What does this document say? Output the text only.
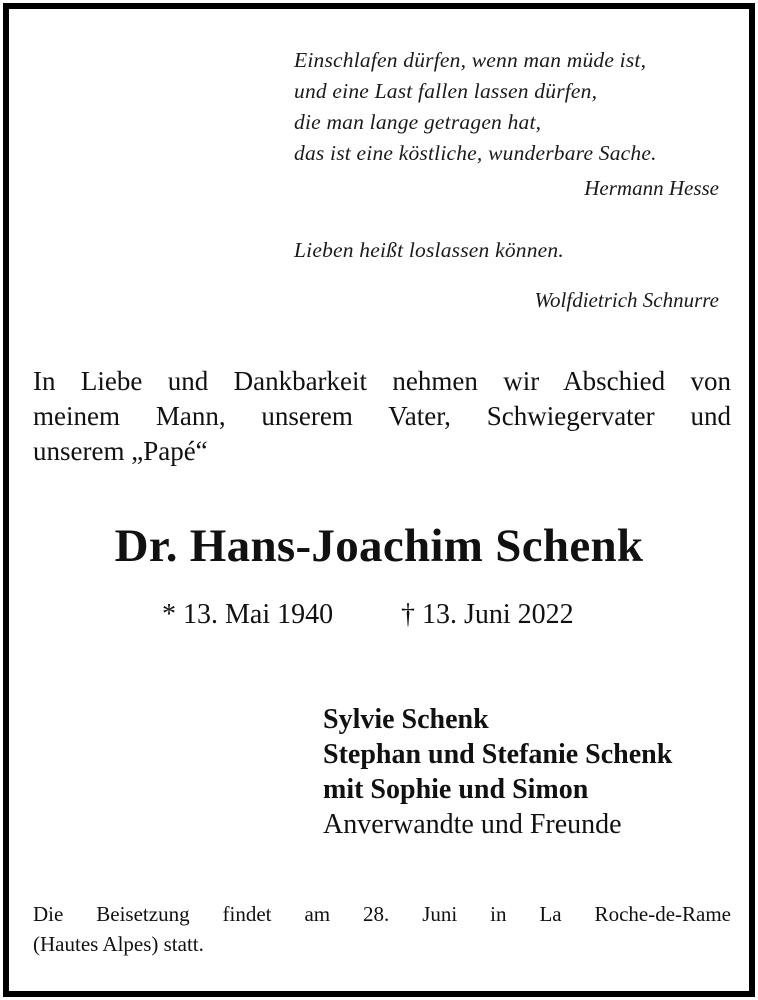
Einschlafen dürfen, wenn man müde ist,
und eine Last fallen lassen dürfen,
die man lange getragen hat,
das ist eine köstliche, wunderbare Sache.
Hermann Hesse
Lieben heißt loslassen können.
Wolfdietrich Schnurre
In Liebe und Dankbarkeit nehmen wir Abschied von
meinem Mann, unserem Vater, Schwiegervater und
unserem „Papé“
Dr. Hans-Joachim Schenk
* 13. Mai 1940 † 13. Juni 2022
Sylvie Schenk
Stephan und Stefanie Schenk
mit Sophie und Simon
Anverwandte und Freunde
Die Beisetzung findet am 28. Juni in La Roche-de-Rame
(Hautes Alpes) statt.
